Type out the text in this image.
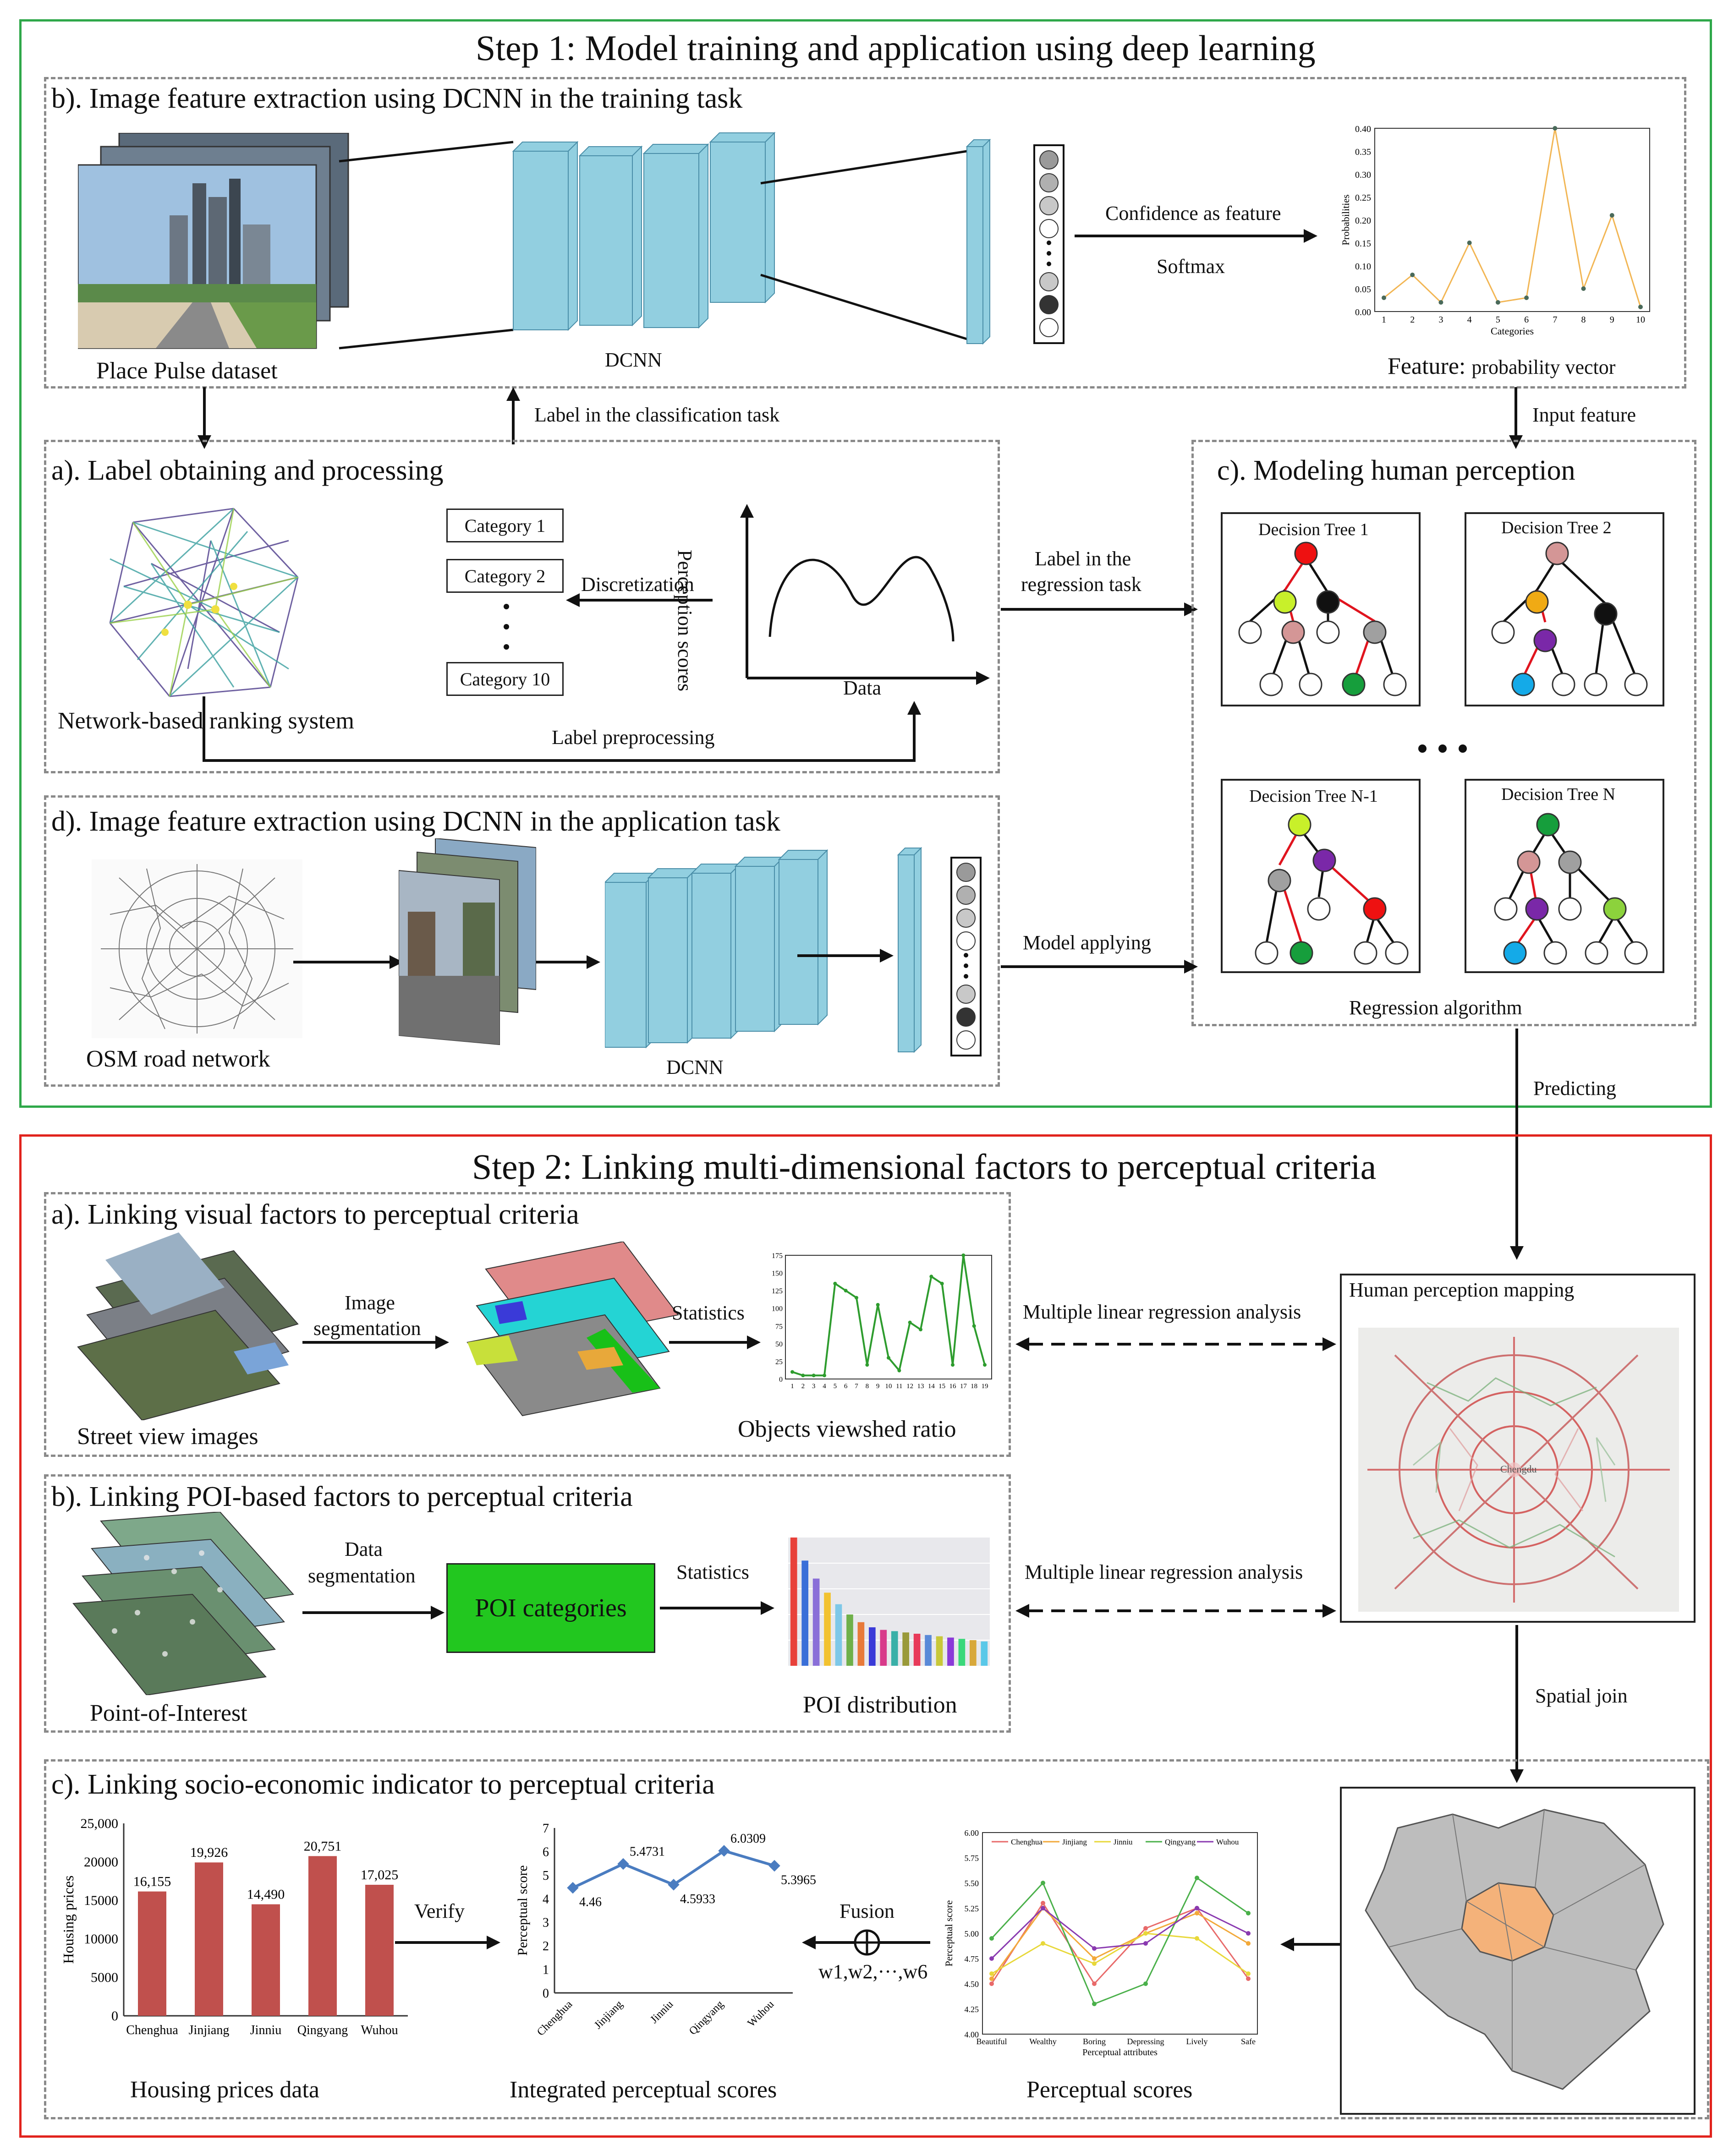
Step 1: Model training and application using deep learning
b). Image feature extraction using DCNN in the training task
Place Pulse dataset	DCNN
Confidence as feature
Softmax
0.00
0.05
0.10
0.15
0.20
0.25
0.30
0.35
0.40
1	2	3	4	5	6	7	8	9 10
Categories
Probabilities
Feature: probability vector
Label in the classification task	Input feature
a). Label obtaining and processing
Network-based ranking system
Category 1
Category 2
Category 10
Discretization
Perception scores	Data
Label preprocessing
Label in the
regression task
c). Modeling human perception
Decision Tree 1	Decision Tree 2
Decision Tree N-1	Decision Tree N
Regression algorithm
d). Image feature extraction using DCNN in the application task
OSM road network	DCNN
Model applying
Predicting
Step 2: Linking multi-dimensional factors to perceptual criteria
a). Linking visual factors to perceptual criteria
Street view images
Image
segmentation
Statistics
0
25
50
75
100
125
150
175
1 2 3 4 5 6 7 8 9 10 11 12 13 14 15 16 17 18 19
Objects viewshed ratio
Multiple linear regression analysis
b). Linking POI-based factors to perceptual criteria
Point-of-Interest
Data
segmentation
POI categories
Statistics
POI distribution
Multiple linear regression analysis
Human perception mapping
Chengdu
Spatial join
c). Linking socio-economic indicator to perceptual criteria
0
5000
10000
15000
20000
25,000
16,155
Chenghua
19,926
Jinjiang
14,490
Jinniu
20,751
Qingyang
17,025
Wuhou
Housing prices
Housing prices data
Verify
0
1
2
3
4
5
6
7
4.46
Chenghua
5.4731
Jinjiang
4.5933
Jinniu
6.0309
Qingyang
5.3965
Wuhou
Perceptual score
Integrated perceptual scores
Fusion
w1,w2,···,w6
4.00
4.25
4.50
4.75
5.00
5.25
5.50
5.75
6.00
Beautiful	Wealthy	Boring	Depressing	Lively	Safe
Chenghua	Jinjiang	Jinniu	Qingyang	Wuhou
Perceptual attributes
Perceptual score
Perceptual scores
